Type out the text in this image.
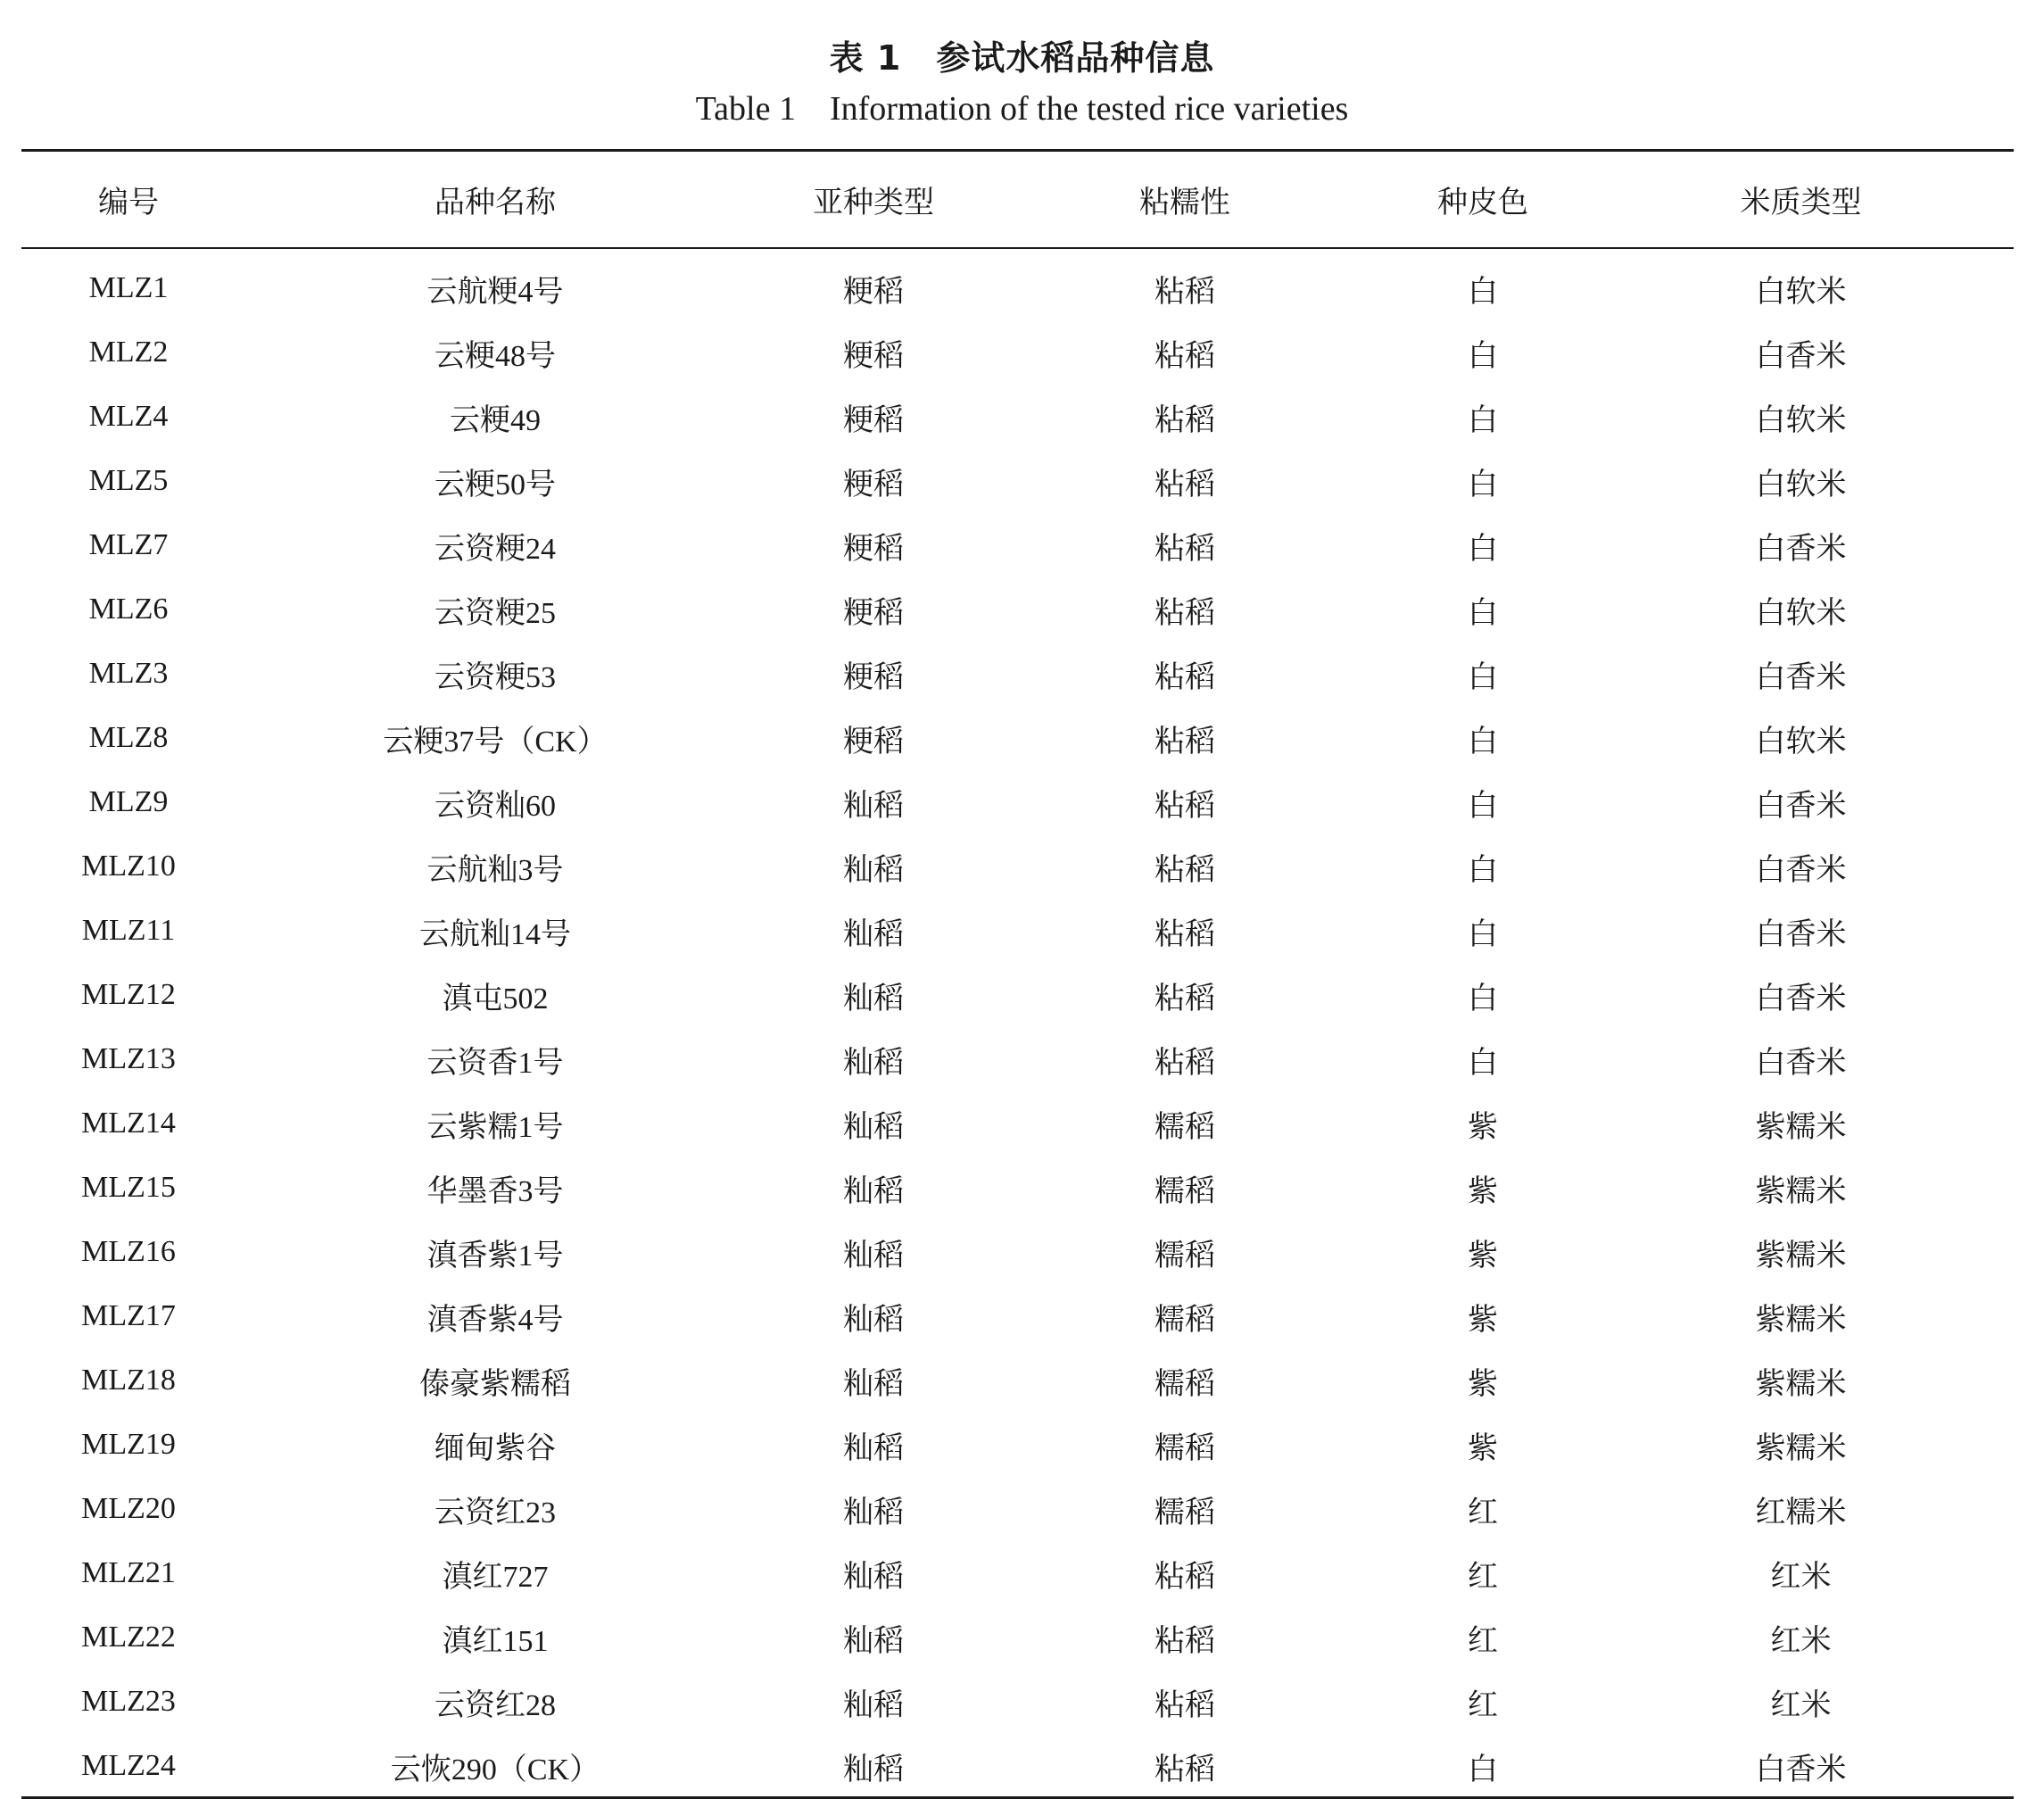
表 1　参试水稻品种信息
Table 1    Information of the tested rice varieties
编号	品种名称	亚种类型	粘糯性	种皮色	米质类型
MLZ1	云航粳4号	粳稻	粘稻	白	白软米
MLZ2	云粳48号	粳稻	粘稻	白	白香米
MLZ4	云粳49	粳稻	粘稻	白	白软米
MLZ5	云粳50号	粳稻	粘稻	白	白软米
MLZ7	云资粳24	粳稻	粘稻	白	白香米
MLZ6	云资粳25	粳稻	粘稻	白	白软米
MLZ3	云资粳53	粳稻	粘稻	白	白香米
MLZ8	云粳37号（CK）	粳稻	粘稻	白	白软米
MLZ9	云资籼60	籼稻	粘稻	白	白香米
MLZ10	云航籼3号	籼稻	粘稻	白	白香米
MLZ11	云航籼14号	籼稻	粘稻	白	白香米
MLZ12	滇屯502	籼稻	粘稻	白	白香米
MLZ13	云资香1号	籼稻	粘稻	白	白香米
MLZ14	云紫糯1号	籼稻	糯稻	紫	紫糯米
MLZ15	华墨香3号	籼稻	糯稻	紫	紫糯米
MLZ16	滇香紫1号	籼稻	糯稻	紫	紫糯米
MLZ17	滇香紫4号	籼稻	糯稻	紫	紫糯米
MLZ18	傣豪紫糯稻	籼稻	糯稻	紫	紫糯米
MLZ19	缅甸紫谷	籼稻	糯稻	紫	紫糯米
MLZ20	云资红23	籼稻	糯稻	红	红糯米
MLZ21	滇红727	籼稻	粘稻	红	红米
MLZ22	滇红151	籼稻	粘稻	红	红米
MLZ23	云资红28	籼稻	粘稻	红	红米
MLZ24	云恢290（CK）	籼稻	粘稻	白	白香米
